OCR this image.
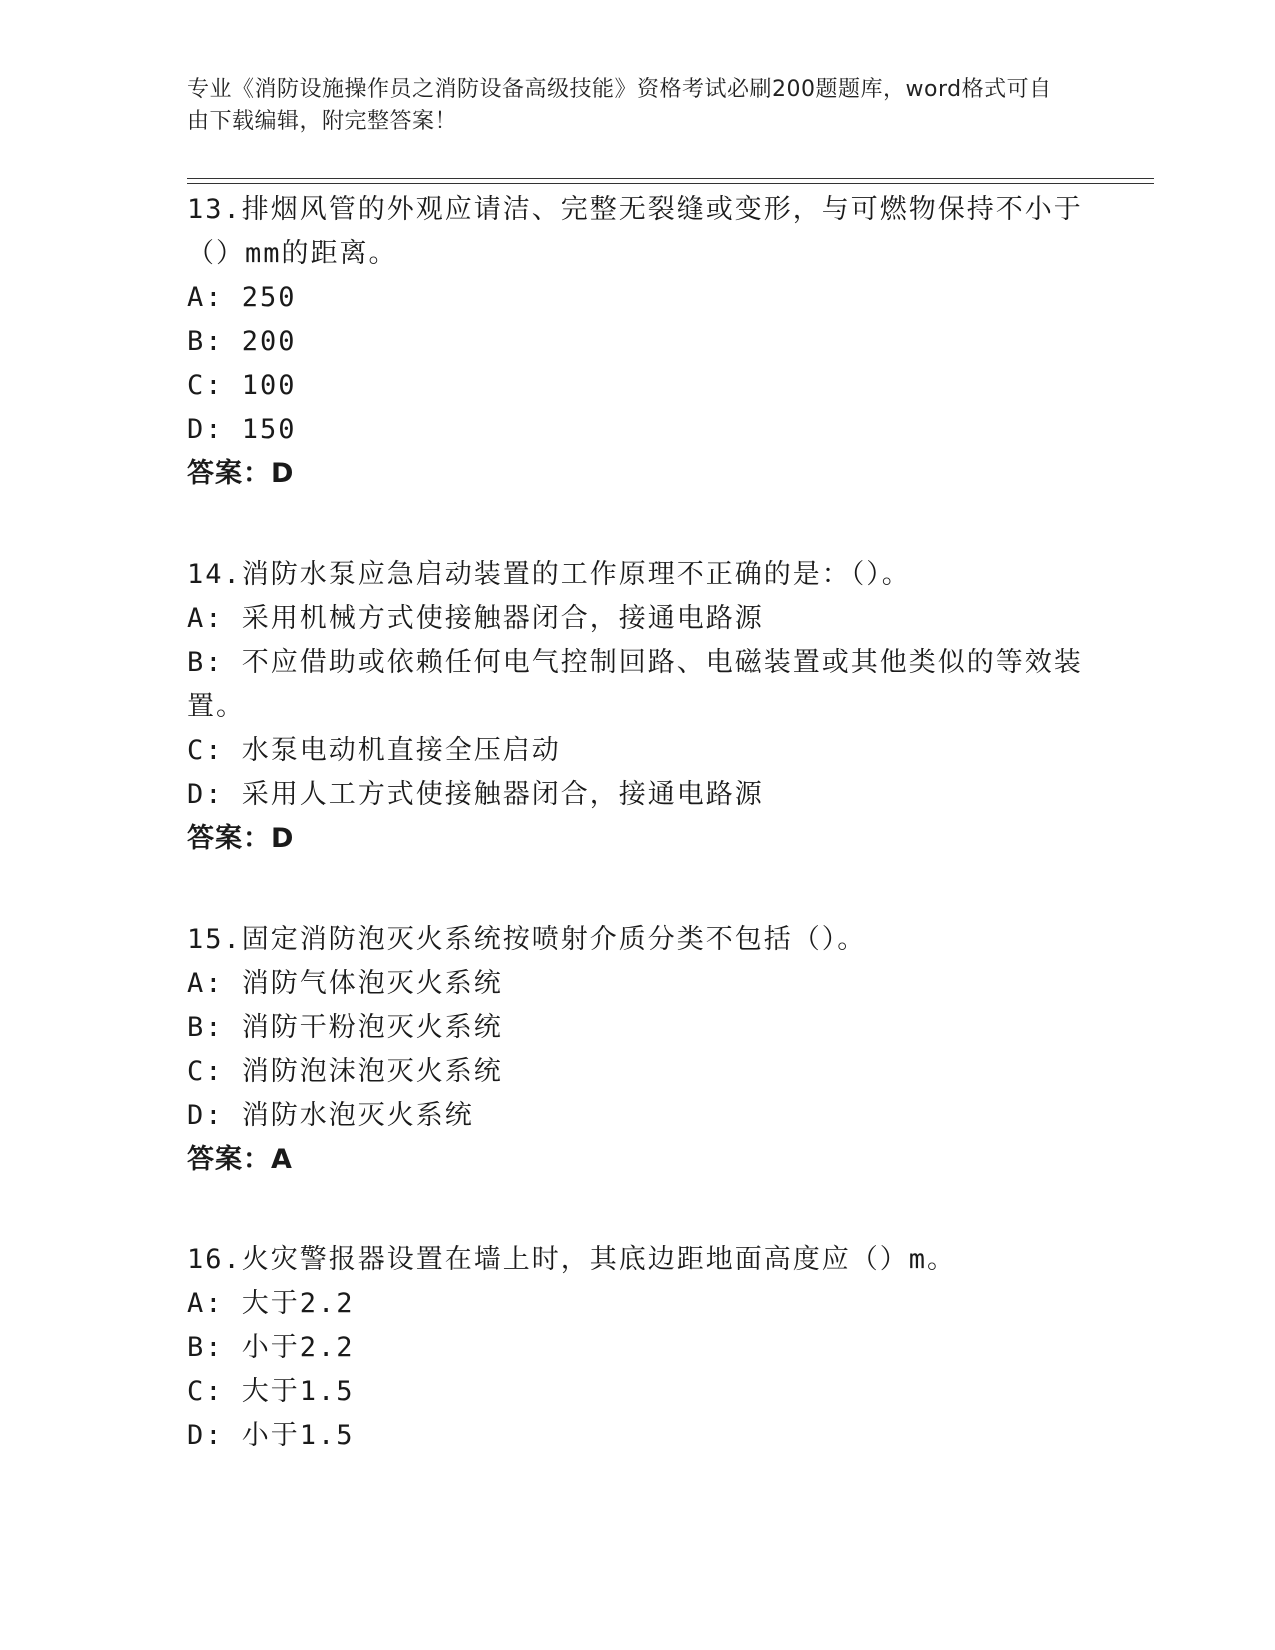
专业《消防设施操作员之消防设备高级技能》资格考试必刷200题题库，word格式可自由下载编辑，附完整答案！

13.排烟风管的外观应请洁、完整无裂缝或变形，与可燃物保持不小于（）mm的距离。

A: 250

B: 200

C: 100

D: 150

答案：D

14.消防水泵应急启动装置的工作原理不正确的是：（）。

A: 采用机械方式使接触器闭合，接通电路源

B: 不应借助或依赖任何电气控制回路、电磁装置或其他类似的等效装置。

C: 水泵电动机直接全压启动

D: 采用人工方式使接触器闭合，接通电路源

答案：D

15.固定消防泡灭火系统按喷射介质分类不包括（）。

A: 消防气体泡灭火系统

B: 消防干粉泡灭火系统

C: 消防泡沫泡灭火系统

D: 消防水泡灭火系统

答案：A

16.火灾警报器设置在墙上时，其底边距地面高度应（）m。

A: 大于2.2

B: 小于2.2

C: 大于1.5

D: 小于1.5
